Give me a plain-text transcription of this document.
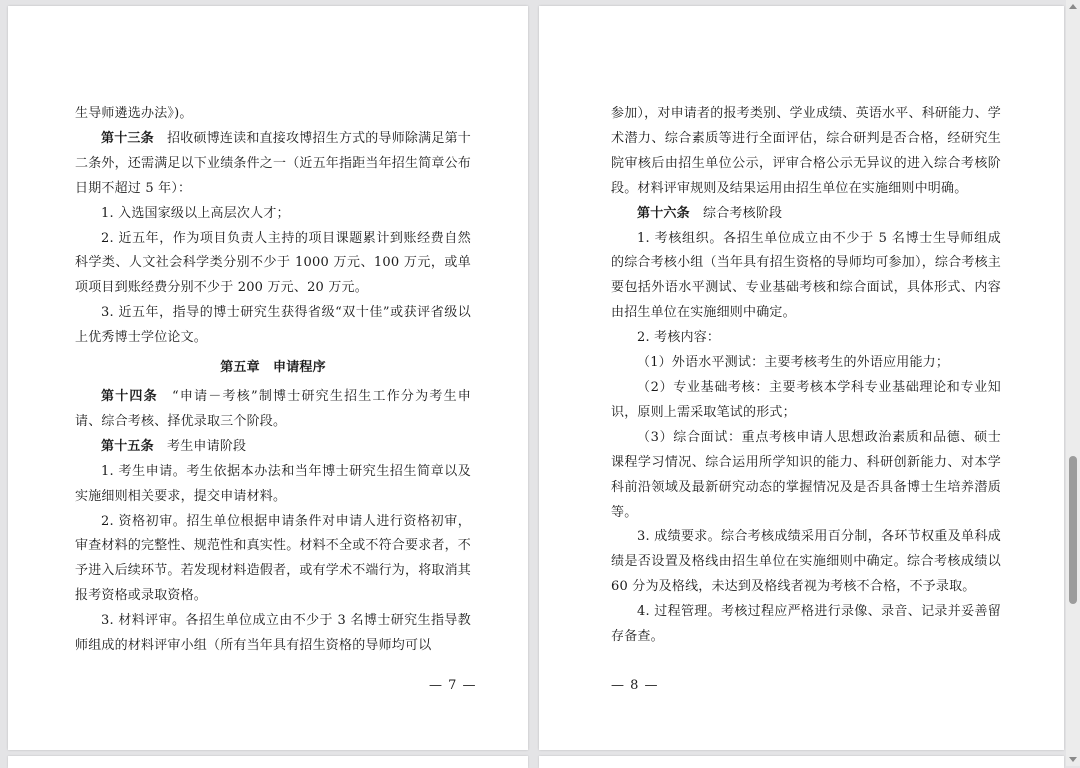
生导师遴选办法》)。

第十三条　招收硕博连读和直接攻博招生方式的导师除满足第十二条外，还需满足以下业绩条件之一（近五年指距当年招生简章公布日期不超过 5 年）：

1. 入选国家级以上高层次人才；

2. 近五年，作为项目负责人主持的项目课题累计到账经费自然科学类、人文社会科学类分别不少于 1000 万元、100 万元，或单项项目到账经费分别不少于 200 万元、20 万元。

3. 近五年，指导的博士研究生获得省级“双十佳”或获评省级以上优秀博士学位论文。

第五章　申请程序

第十四条　“申请－考核”制博士研究生招生工作分为考生申请、综合考核、择优录取三个阶段。

第十五条　考生申请阶段

1. 考生申请。考生依据本办法和当年博士研究生招生简章以及实施细则相关要求，提交申请材料。

2. 资格初审。招生单位根据申请条件对申请人进行资格初审，审查材料的完整性、规范性和真实性。材料不全或不符合要求者，不予进入后续环节。若发现材料造假者，或有学术不端行为，将取消其报考资格或录取资格。

3. 材料评审。各招生单位成立由不少于 3 名博士研究生指导教师组成的材料评审小组（所有当年具有招生资格的导师均可以

— 7 —

参加），对申请者的报考类别、学业成绩、英语水平、科研能力、学术潜力、综合素质等进行全面评估，综合研判是否合格，经研究生院审核后由招生单位公示，评审合格公示无异议的进入综合考核阶段。材料评审规则及结果运用由招生单位在实施细则中明确。

第十六条　综合考核阶段

1. 考核组织。各招生单位成立由不少于 5 名博士生导师组成的综合考核小组（当年具有招生资格的导师均可参加），综合考核主要包括外语水平测试、专业基础考核和综合面试，具体形式、内容由招生单位在实施细则中确定。

2. 考核内容：

（1）外语水平测试：主要考核考生的外语应用能力；

（2）专业基础考核：主要考核本学科专业基础理论和专业知识，原则上需采取笔试的形式；

（3）综合面试：重点考核申请人思想政治素质和品德、硕士课程学习情况、综合运用所学知识的能力、科研创新能力、对本学科前沿领域及最新研究动态的掌握情况及是否具备博士生培养潜质等。

3. 成绩要求。综合考核成绩采用百分制，各环节权重及单科成绩是否设置及格线由招生单位在实施细则中确定。综合考核成绩以 60 分为及格线，未达到及格线者视为考核不合格，不予录取。

4. 过程管理。考核过程应严格进行录像、录音、记录并妥善留存备查。

— 8 —
